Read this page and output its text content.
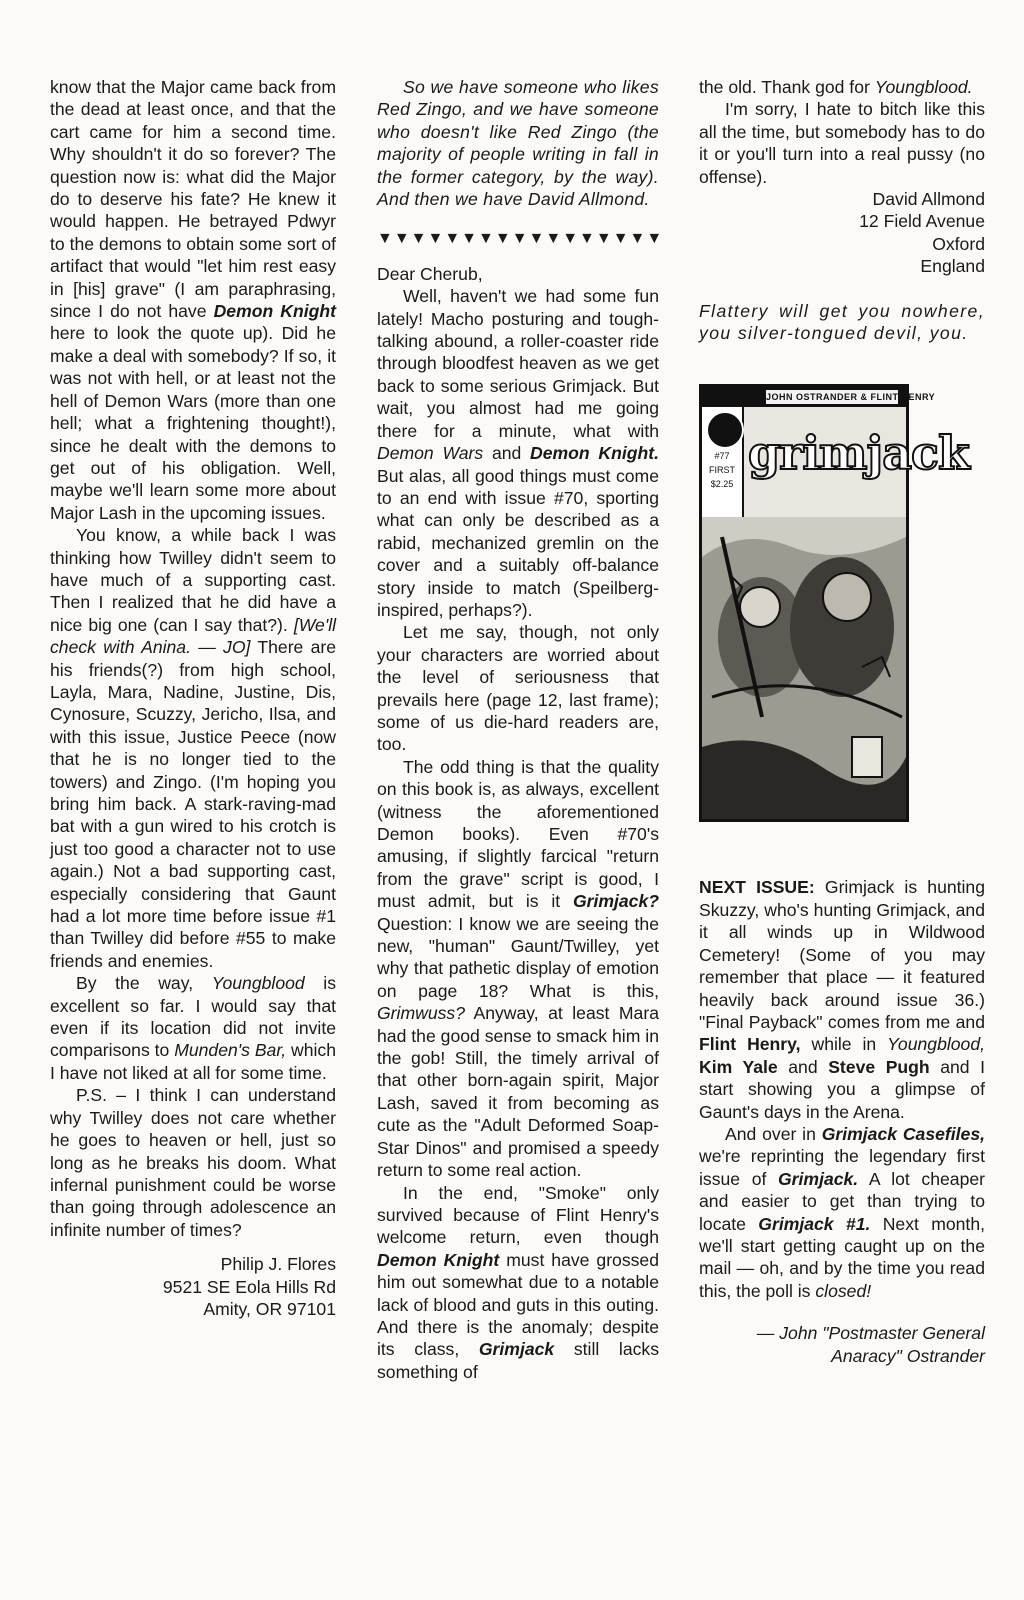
know that the Major came back from the dead at least once, and that the cart came for him a second time. Why shouldn't it do so forever? The question now is: what did the Major do to deserve his fate? He knew it would happen. He betrayed Pdwyr to the demons to obtain some sort of artifact that would "let him rest easy in [his] grave" (I am paraphrasing, since I do not have Demon Knight here to look the quote up). Did he make a deal with somebody? If so, it was not with hell, or at least not the hell of Demon Wars (more than one hell; what a frightening thought!), since he dealt with the demons to get out of his obligation. Well, maybe we'll learn some more about Major Lash in the upcoming issues.

You know, a while back I was thinking how Twilley didn't seem to have much of a supporting cast. Then I realized that he did have a nice big one (can I say that?). [We'll check with Anina. — JO] There are his friends(?) from high school, Layla, Mara, Nadine, Justine, Dis, Cynosure, Scuzzy, Jericho, Ilsa, and with this issue, Justice Peece (now that he is no longer tied to the towers) and Zingo. (I'm hoping you bring him back. A stark-raving-mad bat with a gun wired to his crotch is just too good a character not to use again.) Not a bad supporting cast, especially considering that Gaunt had a lot more time before issue #1 than Twilley did before #55 to make friends and enemies.

By the way, Youngblood is excellent so far. I would say that even if its location did not invite comparisons to Munden's Bar, which I have not liked at all for some time.

P.S. – I think I can understand why Twilley does not care whether he goes to heaven or hell, just so long as he breaks his doom. What infernal punishment could be worse than going through adolescence an infinite number of times?

Philip J. Flores

9521 SE Eola Hills Rd

Amity, OR 97101

So we have someone who likes Red Zingo, and we have someone who doesn't like Red Zingo (the majority of people writing in fall in the former category, by the way). And then we have David Allmond.

▼▼▼▼▼▼▼▼▼▼▼▼▼▼▼▼▼

Dear Cherub,

Well, haven't we had some fun lately! Macho posturing and tough-talking abound, a roller-coaster ride through bloodfest heaven as we get back to some serious Grimjack. But wait, you almost had me going there for a minute, what with Demon Wars and Demon Knight. But alas, all good things must come to an end with issue #70, sporting what can only be described as a rabid, mechanized gremlin on the cover and a suitably off-balance story inside to match (Speilberg-inspired, perhaps?).

Let me say, though, not only your characters are worried about the level of seriousness that prevails here (page 12, last frame); some of us die-hard readers are, too.

The odd thing is that the quality on this book is, as always, excellent (witness the aforementioned Demon books). Even #70's amusing, if slightly farcical "return from the grave" script is good, I must admit, but is it Grimjack? Question: I know we are seeing the new, "human" Gaunt/Twilley, yet why that pathetic display of emotion on page 18? What is this, Grimwuss? Anyway, at least Mara had the good sense to smack him in the gob! Still, the timely arrival of that other born-again spirit, Major Lash, saved it from becoming as cute as the "Adult Deformed Soap-Star Dinos" and promised a speedy return to some real action.

In the end, "Smoke" only survived because of Flint Henry's welcome return, even though Demon Knight must have grossed him out somewhat due to a notable lack of blood and guts in this outing. And there is the anomaly; despite its class, Grimjack still lacks something of

the old. Thank god for Youngblood.

I'm sorry, I hate to bitch like this all the time, but somebody has to do it or you'll turn into a real pussy (no offense).

David Allmond

12 Field Avenue

Oxford

England

Flattery will get you nowhere, you silver-tongued devil, you.

JOHN OSTRANDER & FLINT HENRY
#77
FIRST
$2.25
grimjack

NEXT ISSUE: Grimjack is hunting Skuzzy, who's hunting Grimjack, and it all winds up in Wildwood Cemetery! (Some of you may remember that place — it featured heavily back around issue 36.) "Final Payback" comes from me and Flint Henry, while in Youngblood, Kim Yale and Steve Pugh and I start showing you a glimpse of Gaunt's days in the Arena.

And over in Grimjack Casefiles, we're reprinting the legendary first issue of Grimjack. A lot cheaper and easier to get than trying to locate Grimjack #1. Next month, we'll start getting caught up on the mail — oh, and by the time you read this, the poll is closed!

— John "Postmaster General

Anaracy" Ostrander
